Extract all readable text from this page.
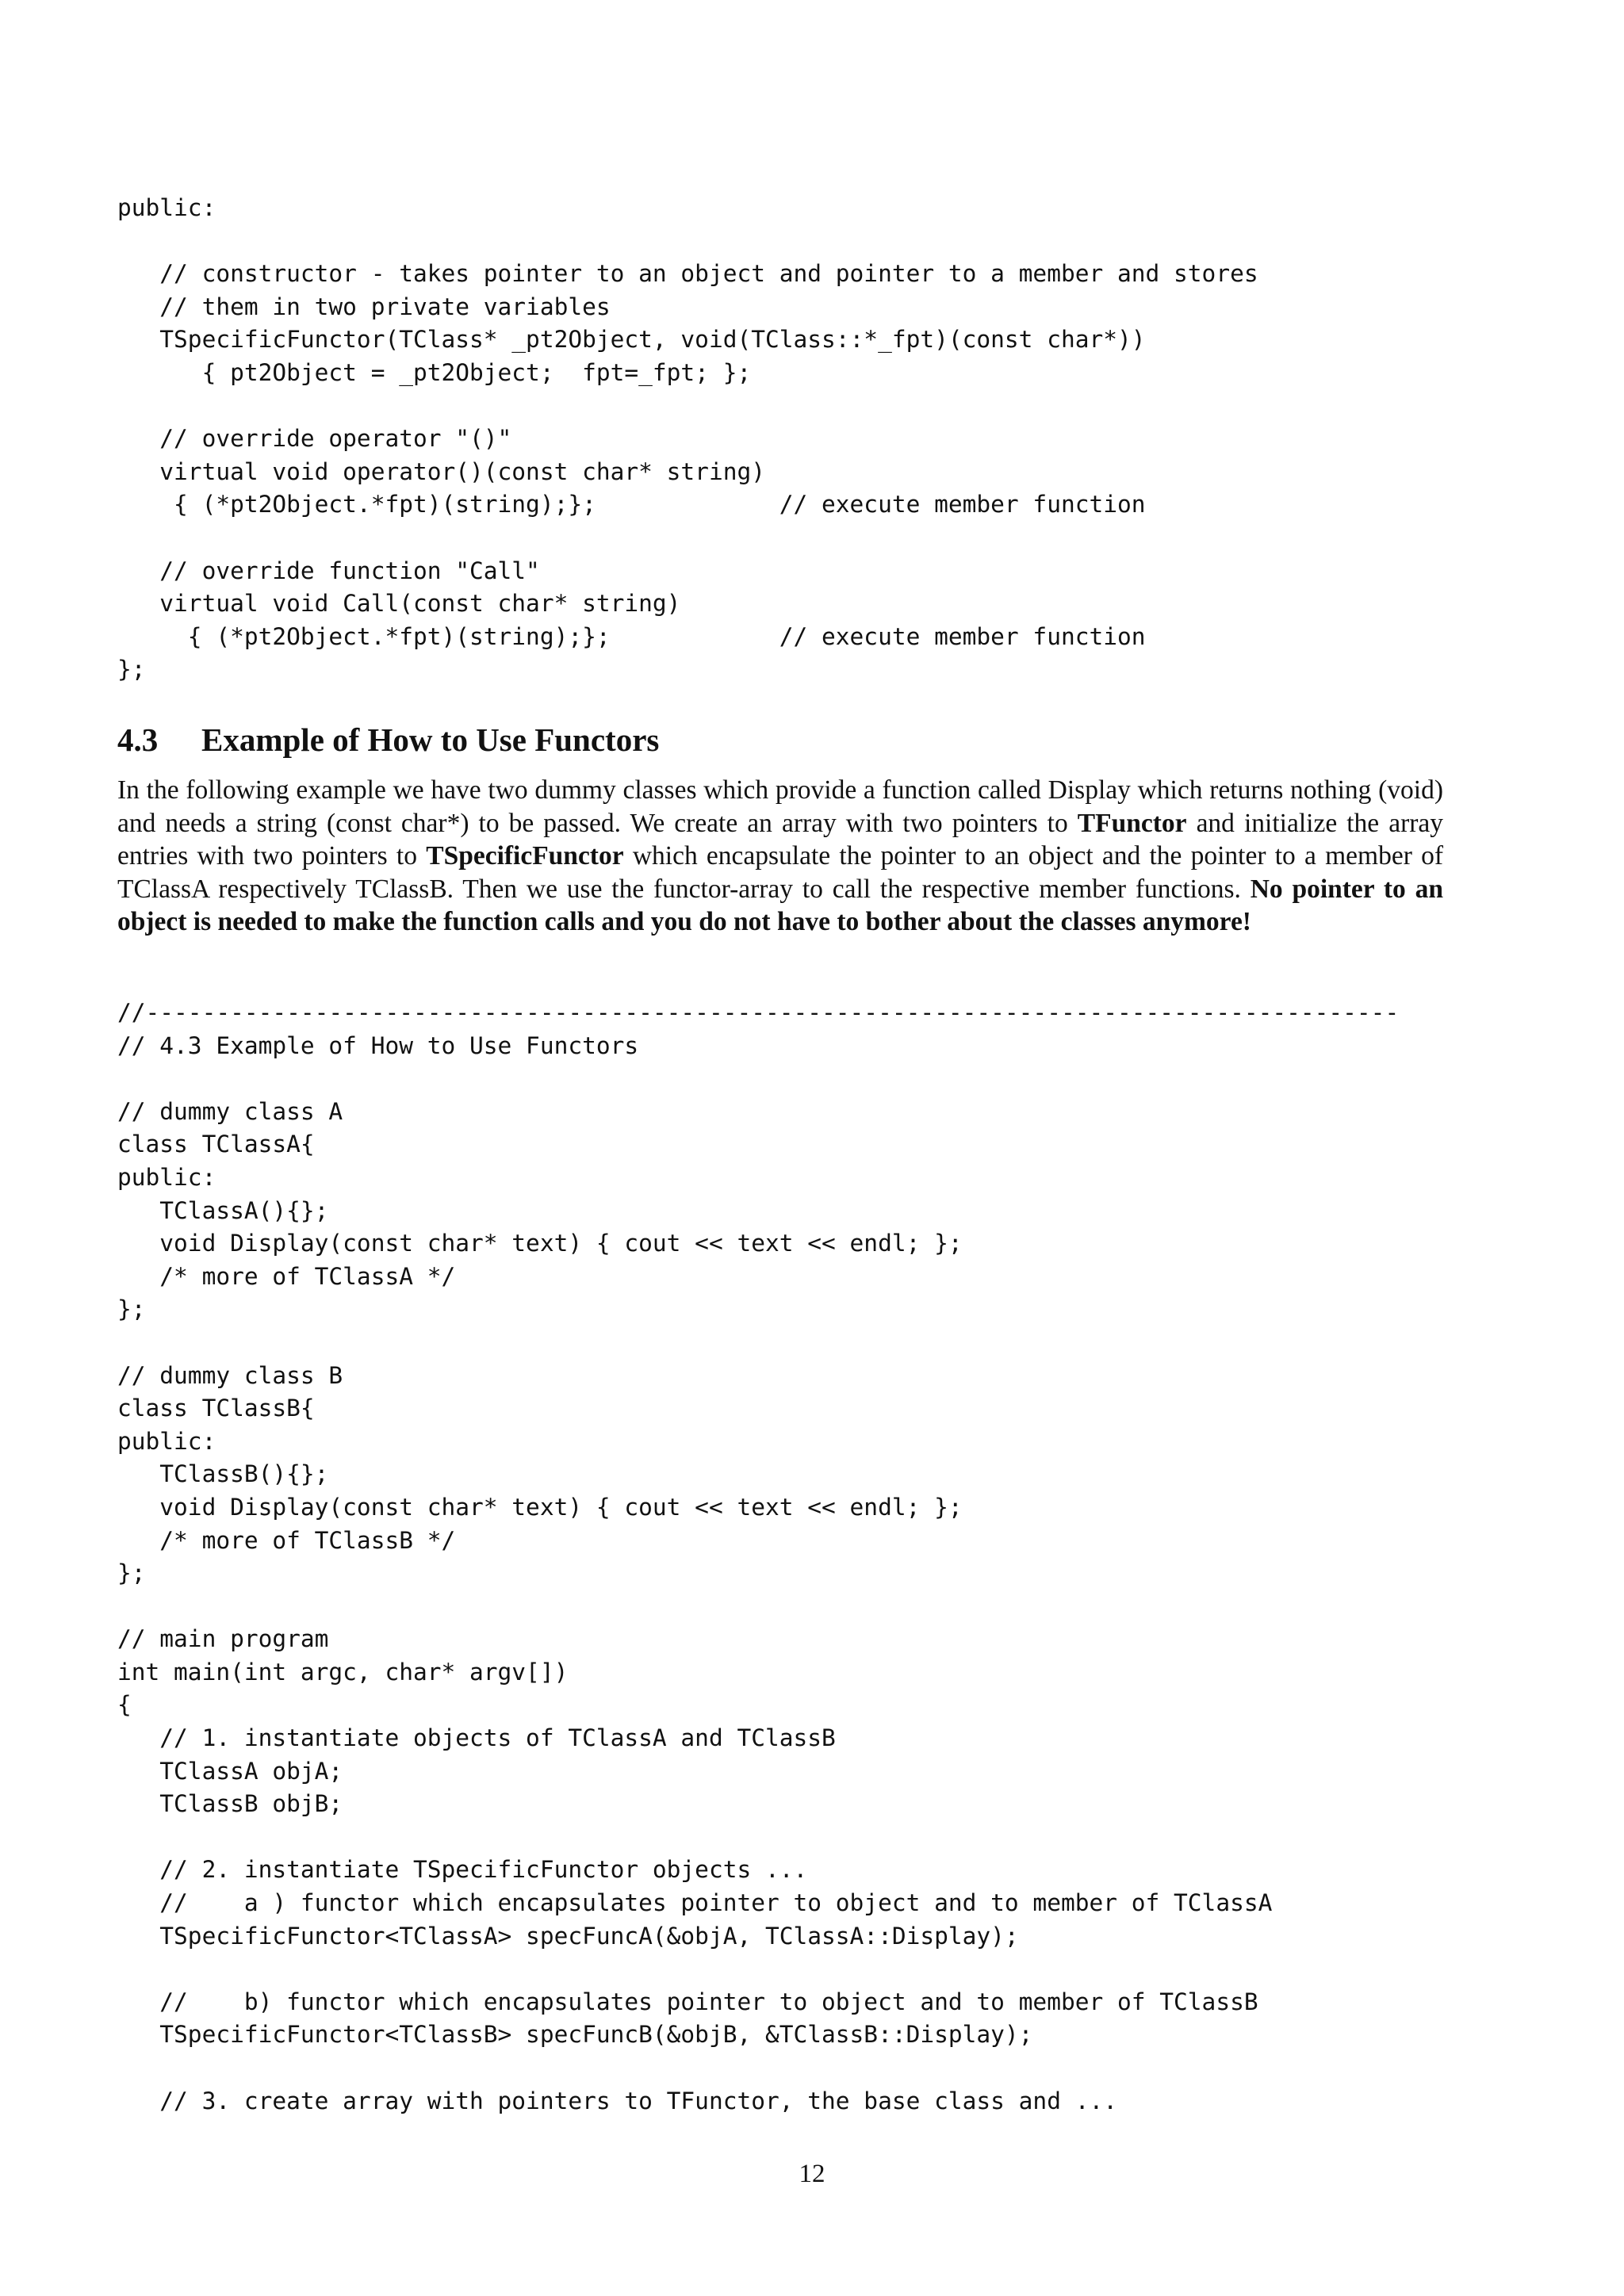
public:
// constructor - takes pointer to an object and pointer to a member and stores
// them in two private variables
TSpecificFunctor(TClass* _pt2Object, void(TClass::*_fpt)(const char*))
{ pt2Object = _pt2Object;  fpt=_fpt; };
// override operator "()"
virtual void operator()(const char* string)
{ (*pt2Object.*fpt)(string);};             // execute member function
// override function "Call"
virtual void Call(const char* string)
{ (*pt2Object.*fpt)(string);};            // execute member function
};
4.3 Example of How to Use Functors

In the following example we have two dummy classes which provide a function called Display which returns nothing (void) and needs a string (const char*) to be passed. We create an array with two pointers to TFunctor and initialize the array entries with two pointers to TSpecificFunctor which encapsulate the pointer to an object and the pointer to a member of TClassA respectively TClassB. Then we use the functor-array to call the respective member functions. No pointer to an object is needed to make the function calls and you do not have to bother about the classes anymore!

//-----------------------------------------------------------------------------------------
// 4.3 Example of How to Use Functors
// dummy class A
class TClassA{
public:
TClassA(){};
void Display(const char* text) { cout << text << endl; };
/* more of TClassA */
};
// dummy class B
class TClassB{
public:
TClassB(){};
void Display(const char* text) { cout << text << endl; };
/* more of TClassB */
};
// main program
int main(int argc, char* argv[])
{
// 1. instantiate objects of TClassA and TClassB
TClassA objA;
TClassB objB;
// 2. instantiate TSpecificFunctor objects ...
//    a ) functor which encapsulates pointer to object and to member of TClassA
TSpecificFunctor<TClassA> specFuncA(&objA, TClassA::Display);
//    b) functor which encapsulates pointer to object and to member of TClassB
TSpecificFunctor<TClassB> specFuncB(&objB, &TClassB::Display);
// 3. create array with pointers to TFunctor, the base class and ...
12
